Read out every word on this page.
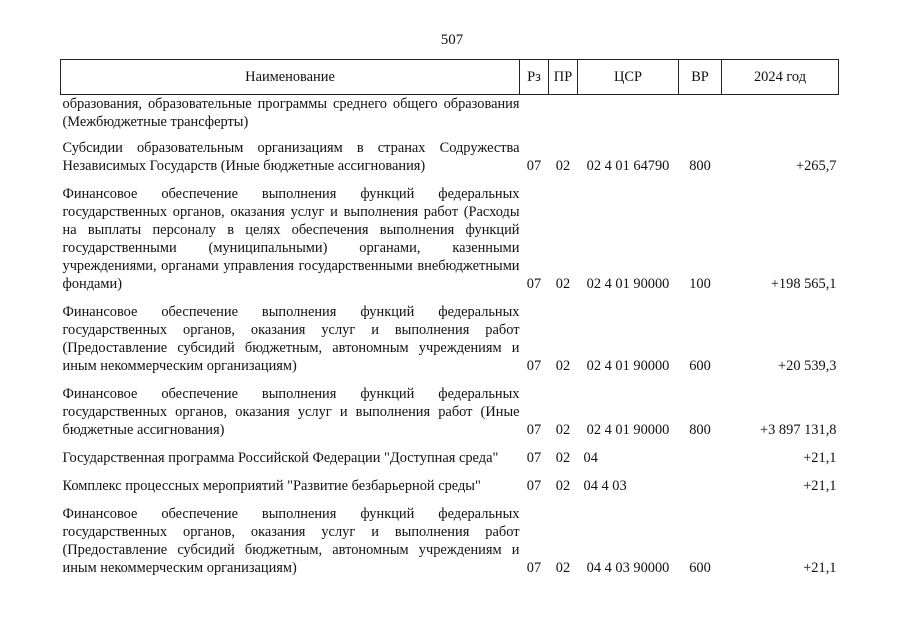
507
Наименование	Рз	ПР	ЦСР	ВР	2024 год
образования, образовательные программы среднего общего образования (Межбюджетные трансферты)					
Субсидии образовательным организациям в странах Содружества Независимых Государств (Иные бюджетные ассигнования)	07	02	02 4 01 64790	800	+265,7
Финансовое обеспечение выполнения функций федеральных государственных органов, оказания услуг и выполнения работ (Расходы на выплаты персоналу в целях обеспечения выполнения функций государственными (муниципальными) органами, казенными учреждениями, органами управления государственными внебюджетными фондами)	07	02	02 4 01 90000	100	+198 565,1
Финансовое обеспечение выполнения функций федеральных государственных органов, оказания услуг и выполнения работ (Предоставление субсидий бюджетным, автономным учреждениям и иным некоммерческим организациям)	07	02	02 4 01 90000	600	+20 539,3
Финансовое обеспечение выполнения функций федеральных государственных органов, оказания услуг и выполнения работ (Иные бюджетные ассигнования)	07	02	02 4 01 90000	800	+3 897 131,8
Государственная программа Российской Федерации "Доступная среда"	07	02	04		+21,1
Комплекс процессных мероприятий "Развитие безбарьерной среды"	07	02	04 4 03		+21,1
Финансовое обеспечение выполнения функций федеральных государственных органов, оказания услуг и выполнения работ (Предоставление субсидий бюджетным, автономным учреждениям и иным некоммерческим организациям)	07	02	04 4 03 90000	600	+21,1
